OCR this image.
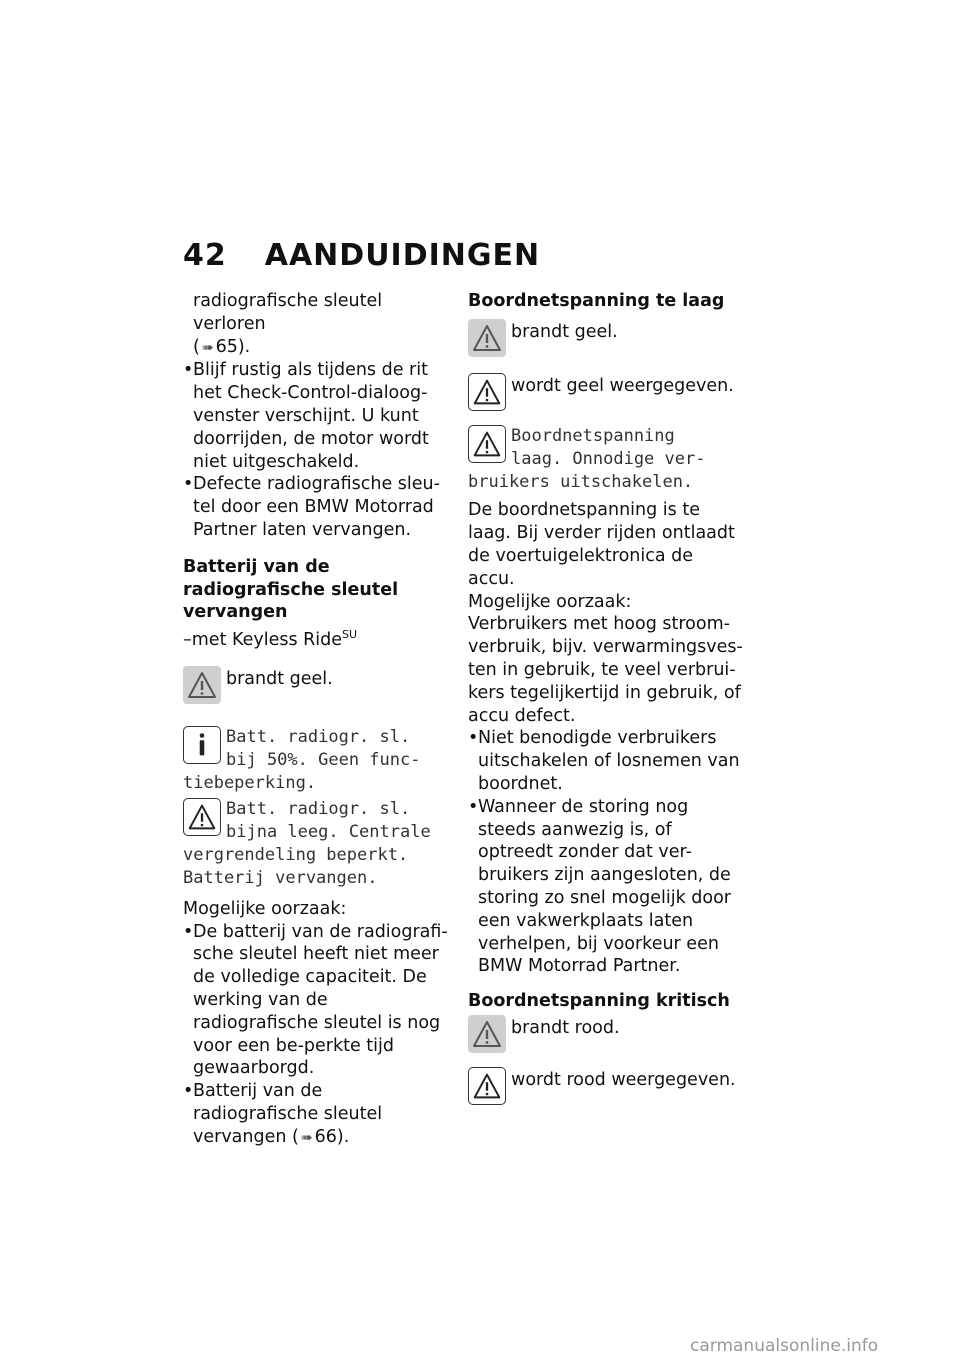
42 AANDUIDINGEN

radiografische sleutel verloren
( ➠ 65).

• Blijf rustig als tijdens de rit het Check-Control-dialoog-venster verschijnt. U kunt doorrijden, de motor wordt niet uitgeschakeld.

• Defecte radiografische sleu-tel door een BMW Motorrad Partner laten vervangen.

Batterij van de radiografische sleutel vervangen

–met Keyless Ride$^{SU}$

brandt geel.
Batt. radiogr. sl.
bij 50%. Geen func-tiebeperking.
Batt. radiogr. sl.
bijna leeg. Centrale vergrendeling beperkt. Batterij vervangen.

Mogelijke oorzaak:

• De batterij van de radiografi-sche sleutel heeft niet meer de volledige capaciteit. De werking van de radiografische sleutel is nog voor een be-perkte tijd gewaarborgd.

• Batterij van de radiografische sleutel vervangen ( ➠ 66).

Boordnetspanning te laag

brandt geel.
wordt geel weergegeven.
Boordnetspanning
laag. Onnodige ver-bruikers uitschakelen.

De boordnetspanning is te laag. Bij verder rijden ontlaadt de voertuigelektronica de accu.

Mogelijke oorzaak:

Verbruikers met hoog stroom-verbruik, bijv. verwarmingsves-ten in gebruik, te veel verbrui-kers tegelijkertijd in gebruik, of accu defect.

• Niet benodigde verbruikers uitschakelen of losnemen van boordnet.

• Wanneer de storing nog steeds aanwezig is, of optreedt zonder dat ver-bruikers zijn aangesloten, de storing zo snel mogelijk door een vakwerkplaats laten verhelpen, bij voorkeur een BMW Motorrad Partner.

Boordnetspanning kritisch

brandt rood.
wordt rood weergegeven.
carmanualsonline.info
